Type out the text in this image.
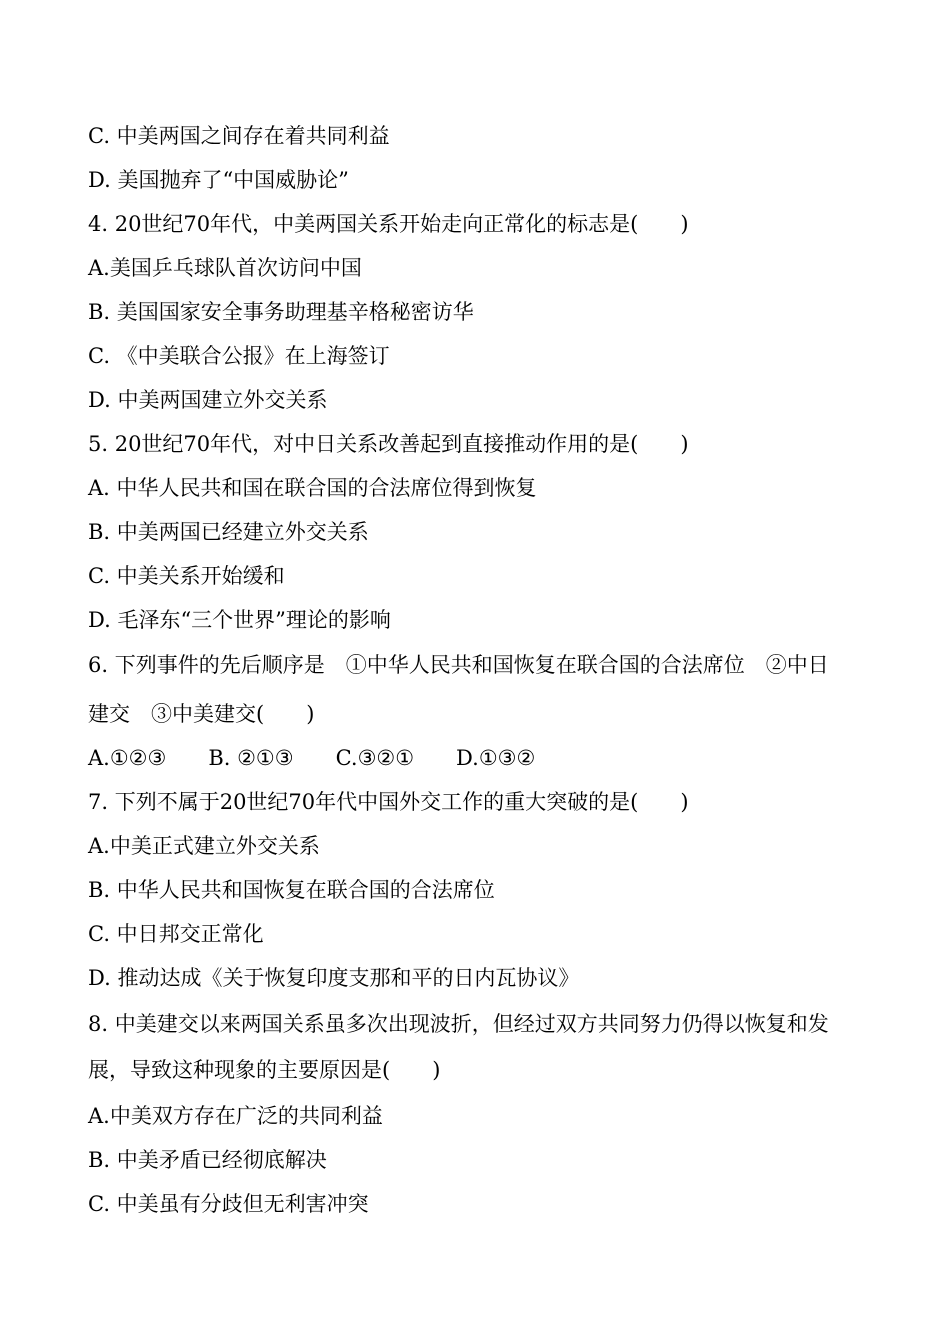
C. 中美两国之间存在着共同利益
D. 美国抛弃了“中国威胁论”
4. 20世纪70年代，中美两国关系开始走向正常化的标志是(　　)
A.美国乒乓球队首次访问中国
B. 美国国家安全事务助理基辛格秘密访华
C. 《中美联合公报》在上海签订
D. 中美两国建立外交关系
5. 20世纪70年代，对中日关系改善起到直接推动作用的是(　　)
A. 中华人民共和国在联合国的合法席位得到恢复
B. 中美两国已经建立外交关系
C. 中美关系开始缓和
D. 毛泽东“三个世界”理论的影响
6. 下列事件的先后顺序是　①中华人民共和国恢复在联合国的合法席位　②中日
建交　③中美建交(　　)
A.①②③　　B. ②①③　　C.③②①　　D.①③②
7. 下列不属于20世纪70年代中国外交工作的重大突破的是(　　)
A.中美正式建立外交关系
B. 中华人民共和国恢复在联合国的合法席位
C. 中日邦交正常化
D. 推动达成《关于恢复印度支那和平的日内瓦协议》
8. 中美建交以来两国关系虽多次出现波折，但经过双方共同努力仍得以恢复和发
展，导致这种现象的主要原因是(　　)
A.中美双方存在广泛的共同利益
B. 中美矛盾已经彻底解决
C. 中美虽有分歧但无利害冲突
